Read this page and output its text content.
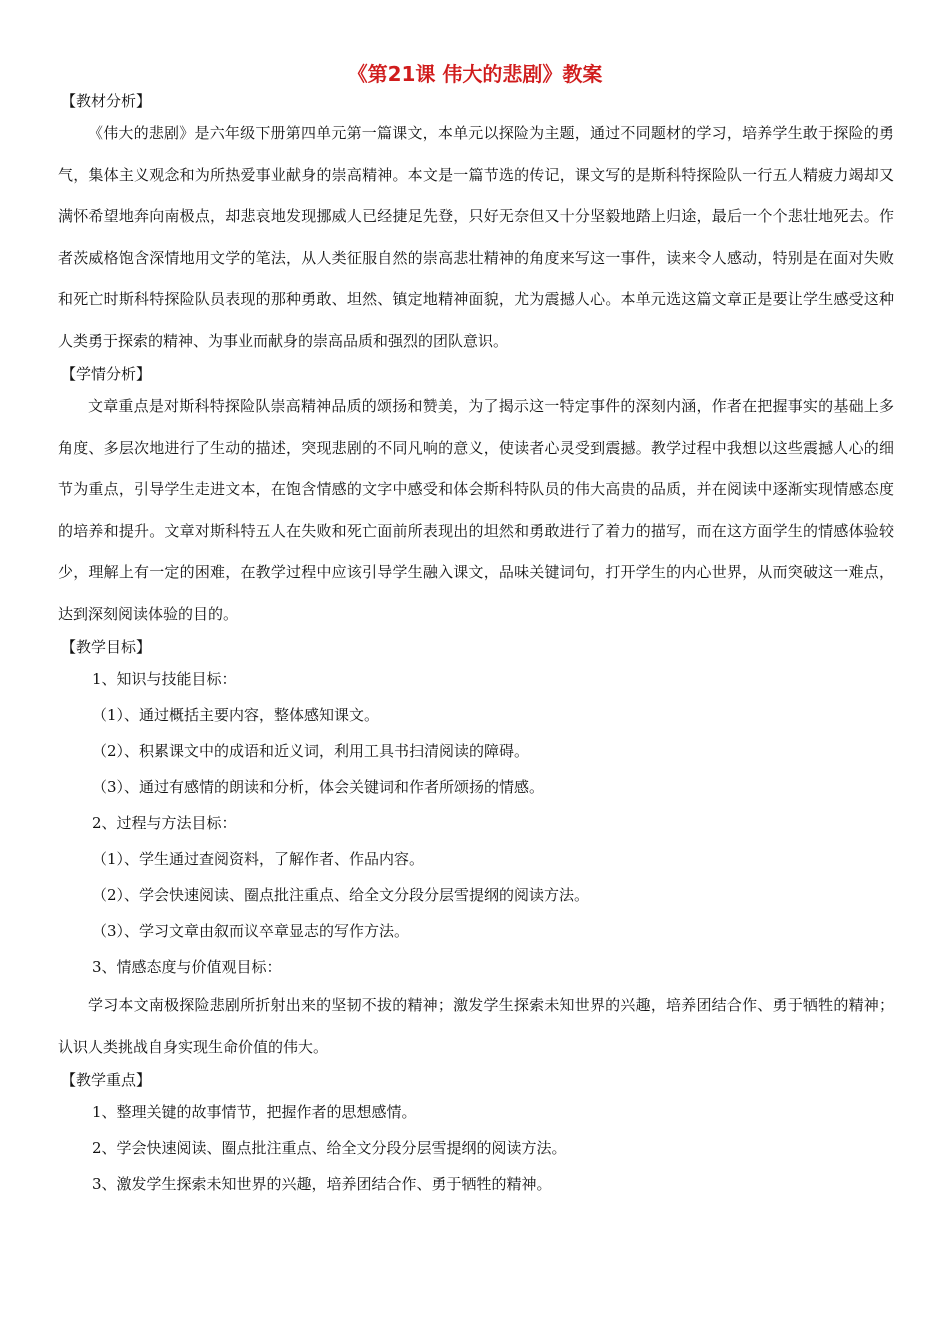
《第21课 伟大的悲剧》教案

【教材分析】

《伟大的悲剧》是六年级下册第四单元第一篇课文，本单元以探险为主题，通过不同题材的学习，培养学生敢于探险的勇气，集体主义观念和为所热爱事业献身的崇高精神。本文是一篇节选的传记，课文写的是斯科特探险队一行五人精疲力竭却又满怀希望地奔向南极点，却悲哀地发现挪威人已经捷足先登，只好无奈但又十分坚毅地踏上归途，最后一个个悲壮地死去。作者茨威格饱含深情地用文学的笔法，从人类征服自然的崇高悲壮精神的角度来写这一事件，读来令人感动，特别是在面对失败和死亡时斯科特探险队员表现的那种勇敢、坦然、镇定地精神面貌，尤为震撼人心。本单元选这篇文章正是要让学生感受这种人类勇于探索的精神、为事业而献身的崇高品质和强烈的团队意识。

【学情分析】

文章重点是对斯科特探险队崇高精神品质的颂扬和赞美，为了揭示这一特定事件的深刻内涵，作者在把握事实的基础上多角度、多层次地进行了生动的描述，突现悲剧的不同凡响的意义，使读者心灵受到震撼。教学过程中我想以这些震撼人心的细节为重点，引导学生走进文本，在饱含情感的文字中感受和体会斯科特队员的伟大高贵的品质，并在阅读中逐渐实现情感态度的培养和提升。文章对斯科特五人在失败和死亡面前所表现出的坦然和勇敢进行了着力的描写，而在这方面学生的情感体验较少，理解上有一定的困难，在教学过程中应该引导学生融入课文，品味关键词句，打开学生的内心世界，从而突破这一难点，达到深刻阅读体验的目的。

【教学目标】

1、知识与技能目标：

（1）、通过概括主要内容，整体感知课文。

（2）、积累课文中的成语和近义词，利用工具书扫清阅读的障碍。

（3）、通过有感情的朗读和分析，体会关键词和作者所颂扬的情感。

2、过程与方法目标：

（1）、学生通过查阅资料，了解作者、作品内容。

（2）、学会快速阅读、圈点批注重点、给全文分段分层雪提纲的阅读方法。

（3）、学习文章由叙而议卒章显志的写作方法。

3、情感态度与价值观目标：

学习本文南极探险悲剧所折射出来的坚韧不拔的精神；激发学生探索未知世界的兴趣，培养团结合作、勇于牺牲的精神；认识人类挑战自身实现生命价值的伟大。

【教学重点】

1、整理关键的故事情节，把握作者的思想感情。

2、学会快速阅读、圈点批注重点、给全文分段分层雪提纲的阅读方法。

3、激发学生探索未知世界的兴趣，培养团结合作、勇于牺牲的精神。
